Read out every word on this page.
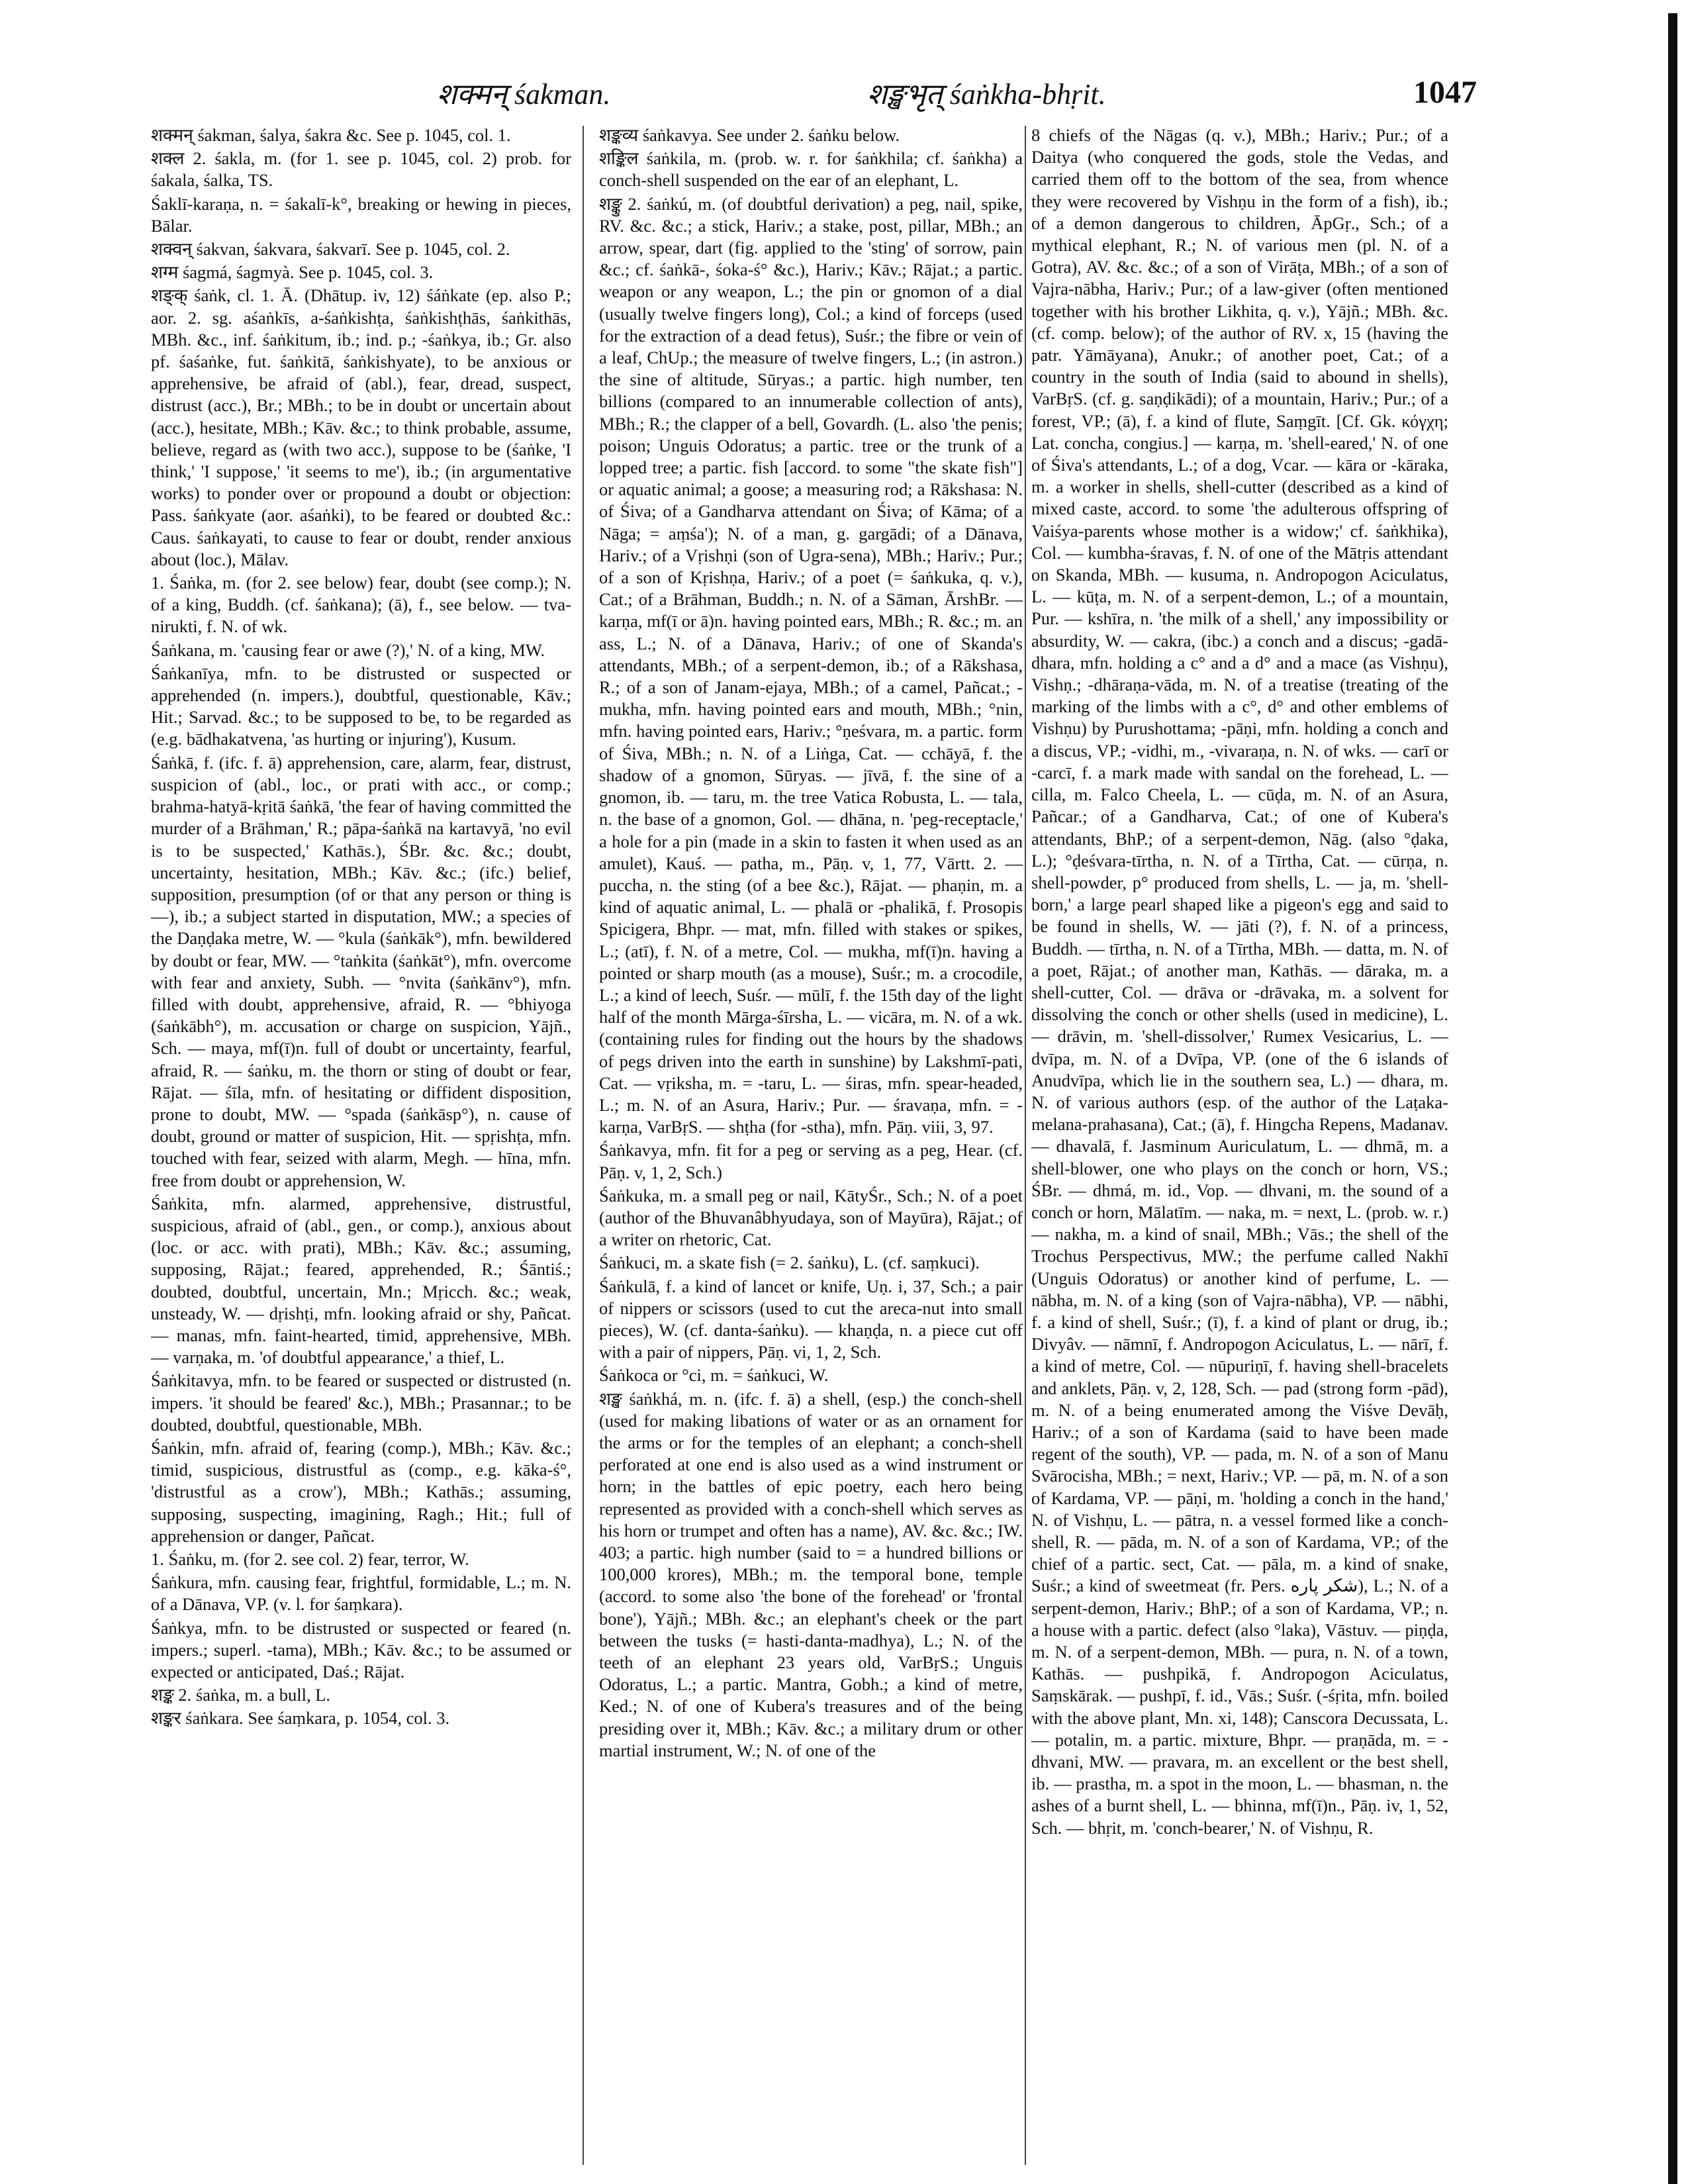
शक्मन् śakman.	शङ्खभृत् śaṅkha-bhṛit.	1047

शक्मन् śakman, śalya, śakra &c. See p. 1045, col. 1.

शक्ल 2. śakla, m. (for 1. see p. 1045, col. 2) prob. for śakala, śalka, TS.

Śaklī-karaṇa, n. = śakalī-k°, breaking or hewing in pieces, Bālar.

शक्वन् śakvan, śakvara, śakvarī. See p. 1045, col. 2.

शग्म śagmá, śagmyà. See p. 1045, col. 3.

शङ्क् śaṅk, cl. 1. Ā. (Dhātup. iv, 12) śáṅkate (ep. also P.; aor. 2. sg. aśaṅkīs, a-śaṅkishṭa, śaṅkishṭhās, śaṅkithās, MBh. &c., inf. śaṅkitum, ib.; ind. p.; -śaṅkya, ib.; Gr. also pf. śaśaṅke, fut. śaṅkitā, śaṅkishyate), to be anxious or apprehensive, be afraid of (abl.), fear, dread, suspect, distrust (acc.), Br.; MBh.; to be in doubt or uncertain about (acc.), hesitate, MBh.; Kāv. &c.; to think probable, assume, believe, regard as (with two acc.), suppose to be (śaṅke, 'I think,' 'I suppose,' 'it seems to me'), ib.; (in argumentative works) to ponder over or propound a doubt or objection: Pass. śaṅkyate (aor. aśaṅki), to be feared or doubted &c.: Caus. śaṅkayati, to cause to fear or doubt, render anxious about (loc.), Mālav.

1. Śaṅka, m. (for 2. see below) fear, doubt (see comp.); N. of a king, Buddh. (cf. śaṅkana); (ā), f., see below. — tva-nirukti, f. N. of wk.

Śaṅkana, m. 'causing fear or awe (?),' N. of a king, MW.

Śaṅkanīya, mfn. to be distrusted or suspected or apprehended (n. impers.), doubtful, questionable, Kāv.; Hit.; Sarvad. &c.; to be supposed to be, to be regarded as (e.g. bādhakatvena, 'as hurting or injuring'), Kusum.

Śaṅkā, f. (ifc. f. ā) apprehension, care, alarm, fear, distrust, suspicion of (abl., loc., or prati with acc., or comp.; brahma-hatyā-kṛitā śaṅkā, 'the fear of having committed the murder of a Brāhman,' R.; pāpa-śaṅkā na kartavyā, 'no evil is to be suspected,' Kathās.), ŚBr. &c. &c.; doubt, uncertainty, hesitation, MBh.; Kāv. &c.; (ifc.) belief, supposition, presumption (of or that any person or thing is—), ib.; a subject started in disputation, MW.; a species of the Daṇḍaka metre, W. — °kula (śaṅkāk°), mfn. bewildered by doubt or fear, MW. — °taṅkita (śaṅkāt°), mfn. overcome with fear and anxiety, Subh. — °nvita (śaṅkānv°), mfn. filled with doubt, apprehensive, afraid, R. — °bhiyoga (śaṅkābh°), m. accusation or charge on suspicion, Yājñ., Sch. — maya, mf(ī)n. full of doubt or uncertainty, fearful, afraid, R. — śaṅku, m. the thorn or sting of doubt or fear, Rājat. — śīla, mfn. of hesitating or diffident disposition, prone to doubt, MW. — °spada (śaṅkāsp°), n. cause of doubt, ground or matter of suspicion, Hit. — spṛishṭa, mfn. touched with fear, seized with alarm, Megh. — hīna, mfn. free from doubt or apprehension, W.

Śaṅkita, mfn. alarmed, apprehensive, distrustful, suspicious, afraid of (abl., gen., or comp.), anxious about (loc. or acc. with prati), MBh.; Kāv. &c.; assuming, supposing, Rājat.; feared, apprehended, R.; Śāntiś.; doubted, doubtful, uncertain, Mn.; Mṛicch. &c.; weak, unsteady, W. — dṛishṭi, mfn. looking afraid or shy, Pañcat. — manas, mfn. faint-hearted, timid, apprehensive, MBh. — varṇaka, m. 'of doubtful appearance,' a thief, L.

Śaṅkitavya, mfn. to be feared or suspected or distrusted (n. impers. 'it should be feared' &c.), MBh.; Prasannar.; to be doubted, doubtful, questionable, MBh.

Śaṅkin, mfn. afraid of, fearing (comp.), MBh.; Kāv. &c.; timid, suspicious, distrustful as (comp., e.g. kāka-ś°, 'distrustful as a crow'), MBh.; Kathās.; assuming, supposing, suspecting, imagining, Ragh.; Hit.; full of apprehension or danger, Pañcat.

1. Śaṅku, m. (for 2. see col. 2) fear, terror, W.

Śaṅkura, mfn. causing fear, frightful, formidable, L.; m. N. of a Dānava, VP. (v. l. for śaṃkara).

Śaṅkya, mfn. to be distrusted or suspected or feared (n. impers.; superl. -tama), MBh.; Kāv. &c.; to be assumed or expected or anticipated, Daś.; Rājat.

शङ्क 2. śaṅka, m. a bull, L.

शङ्कर śaṅkara. See śaṃkara, p. 1054, col. 3.

शङ्कव्य śaṅkavya. See under 2. śaṅku below.

शङ्किल śaṅkila, m. (prob. w. r. for śaṅkhila; cf. śaṅkha) a conch-shell suspended on the ear of an elephant, L.

शङ्कु 2. śaṅkú, m. (of doubtful derivation) a peg, nail, spike, RV. &c. &c.; a stick, Hariv.; a stake, post, pillar, MBh.; an arrow, spear, dart (fig. applied to the 'sting' of sorrow, pain &c.; cf. śaṅkā-, śoka-ś° &c.), Hariv.; Kāv.; Rājat.; a partic. weapon or any weapon, L.; the pin or gnomon of a dial (usually twelve fingers long), Col.; a kind of forceps (used for the extraction of a dead fetus), Suśr.; the fibre or vein of a leaf, ChUp.; the measure of twelve fingers, L.; (in astron.) the sine of altitude, Sūryas.; a partic. high number, ten billions (compared to an innumerable collection of ants), MBh.; R.; the clapper of a bell, Govardh. (L. also 'the penis; poison; Unguis Odoratus; a partic. tree or the trunk of a lopped tree; a partic. fish [accord. to some "the skate fish"] or aquatic animal; a goose; a measuring rod; a Rākshasa: N. of Śiva; of a Gandharva attendant on Śiva; of Kāma; of a Nāga; = aṃśa'); N. of a man, g. gargādi; of a Dānava, Hariv.; of a Vṛishṇi (son of Ugra-sena), MBh.; Hariv.; Pur.; of a son of Kṛishṇa, Hariv.; of a poet (= śaṅkuka, q. v.), Cat.; of a Brāhman, Buddh.; n. N. of a Sāman, ĀrshBr. — karṇa, mf(ī or ā)n. having pointed ears, MBh.; R. &c.; m. an ass, L.; N. of a Dānava, Hariv.; of one of Skanda's attendants, MBh.; of a serpent-demon, ib.; of a Rākshasa, R.; of a son of Janam-ejaya, MBh.; of a camel, Pañcat.; -mukha, mfn. having pointed ears and mouth, MBh.; °nin, mfn. having pointed ears, Hariv.; °ṇeśvara, m. a partic. form of Śiva, MBh.; n. N. of a Liṅga, Cat. — cchāyā, f. the shadow of a gnomon, Sūryas. — jīvā, f. the sine of a gnomon, ib. — taru, m. the tree Vatica Robusta, L. — tala, n. the base of a gnomon, Gol. — dhāna, n. 'peg-receptacle,' a hole for a pin (made in a skin to fasten it when used as an amulet), Kauś. — patha, m., Pāṇ. v, 1, 77, Vārtt. 2. — puccha, n. the sting (of a bee &c.), Rājat. — phaṇin, m. a kind of aquatic animal, L. — phalā or -phalikā, f. Prosopis Spicigera, Bhpr. — mat, mfn. filled with stakes or spikes, L.; (atī), f. N. of a metre, Col. — mukha, mf(ī)n. having a pointed or sharp mouth (as a mouse), Suśr.; m. a crocodile, L.; a kind of leech, Suśr. — mūlī, f. the 15th day of the light half of the month Mārga-śīrsha, L. — vicāra, m. N. of a wk. (containing rules for finding out the hours by the shadows of pegs driven into the earth in sunshine) by Lakshmī-pati, Cat. — vṛiksha, m. = -taru, L. — śiras, mfn. spear-headed, L.; m. N. of an Asura, Hariv.; Pur. — śravaṇa, mfn. = -karṇa, VarBṛS. — shṭha (for -stha), mfn. Pāṇ. viii, 3, 97.

Śaṅkavya, mfn. fit for a peg or serving as a peg, Hear. (cf. Pāṇ. v, 1, 2, Sch.)

Śaṅkuka, m. a small peg or nail, KātyŚr., Sch.; N. of a poet (author of the Bhuvanâbhyudaya, son of Mayūra), Rājat.; of a writer on rhetoric, Cat.

Śaṅkuci, m. a skate fish (= 2. śaṅku), L. (cf. saṃkuci).

Śaṅkulā, f. a kind of lancet or knife, Uṇ. i, 37, Sch.; a pair of nippers or scissors (used to cut the areca-nut into small pieces), W. (cf. danta-śaṅku). — khaṇḍa, n. a piece cut off with a pair of nippers, Pāṇ. vi, 1, 2, Sch.

Śaṅkoca or °ci, m. = śaṅkuci, W.

शङ्ख śaṅkhá, m. n. (ifc. f. ā) a shell, (esp.) the conch-shell (used for making libations of water or as an ornament for the arms or for the temples of an elephant; a conch-shell perforated at one end is also used as a wind instrument or horn; in the battles of epic poetry, each hero being represented as provided with a conch-shell which serves as his horn or trumpet and often has a name), AV. &c. &c.; IW. 403; a partic. high number (said to = a hundred billions or 100,000 krores), MBh.; m. the temporal bone, temple (accord. to some also 'the bone of the forehead' or 'frontal bone'), Yājñ.; MBh. &c.; an elephant's cheek or the part between the tusks (= hasti-danta-madhya), L.; N. of the teeth of an elephant 23 years old, VarBṛS.; Unguis Odoratus, L.; a partic. Mantra, Gobh.; a kind of metre, Ked.; N. of one of Kubera's treasures and of the being presiding over it, MBh.; Kāv. &c.; a military drum or other martial instrument, W.; N. of one of the

8 chiefs of the Nāgas (q. v.), MBh.; Hariv.; Pur.; of a Daitya (who conquered the gods, stole the Vedas, and carried them off to the bottom of the sea, from whence they were recovered by Vishṇu in the form of a fish), ib.; of a demon dangerous to children, ĀpGṛ., Sch.; of a mythical elephant, R.; N. of various men (pl. N. of a Gotra), AV. &c. &c.; of a son of Virāṭa, MBh.; of a son of Vajra-nābha, Hariv.; Pur.; of a law-giver (often mentioned together with his brother Likhita, q. v.), Yājñ.; MBh. &c. (cf. comp. below); of the author of RV. x, 15 (having the patr. Yāmāyana), Anukr.; of another poet, Cat.; of a country in the south of India (said to abound in shells), VarBṛS. (cf. g. saṇḍikādi); of a mountain, Hariv.; Pur.; of a forest, VP.; (ā), f. a kind of flute, Saṃgīt. [Cf. Gk. κόγχη; Lat. concha, congius.] — karṇa, m. 'shell-eared,' N. of one of Śiva's attendants, L.; of a dog, Vcar. — kāra or -kāraka, m. a worker in shells, shell-cutter (described as a kind of mixed caste, accord. to some 'the adulterous offspring of Vaiśya-parents whose mother is a widow;' cf. śaṅkhika), Col. — kumbha-śravas, f. N. of one of the Mātṛis attendant on Skanda, MBh. — kusuma, n. Andropogon Aciculatus, L. — kūṭa, m. N. of a serpent-demon, L.; of a mountain, Pur. — kshīra, n. 'the milk of a shell,' any impossibility or absurdity, W. — cakra, (ibc.) a conch and a discus; -gadā-dhara, mfn. holding a c° and a d° and a mace (as Vishṇu), Vishṇ.; -dhāraṇa-vāda, m. N. of a treatise (treating of the marking of the limbs with a c°, d° and other emblems of Vishṇu) by Purushottama; -pāṇi, mfn. holding a conch and a discus, VP.; -vidhi, m., -vivaraṇa, n. N. of wks. — carī or -carcī, f. a mark made with sandal on the forehead, L. — cilla, m. Falco Cheela, L. — cūḍa, m. N. of an Asura, Pañcar.; of a Gandharva, Cat.; of one of Kubera's attendants, BhP.; of a serpent-demon, Nāg. (also °ḍaka, L.); °ḍeśvara-tīrtha, n. N. of a Tīrtha, Cat. — cūrṇa, n. shell-powder, p° produced from shells, L. — ja, m. 'shell-born,' a large pearl shaped like a pigeon's egg and said to be found in shells, W. — jāti (?), f. N. of a princess, Buddh. — tīrtha, n. N. of a Tīrtha, MBh. — datta, m. N. of a poet, Rājat.; of another man, Kathās. — dāraka, m. a shell-cutter, Col. — drāva or -drāvaka, m. a solvent for dissolving the conch or other shells (used in medicine), L. — drāvin, m. 'shell-dissolver,' Rumex Vesicarius, L. — dvīpa, m. N. of a Dvīpa, VP. (one of the 6 islands of Anudvīpa, which lie in the southern sea, L.) — dhara, m. N. of various authors (esp. of the author of the Laṭaka-melana-prahasana), Cat.; (ā), f. Hingcha Repens, Madanav. — dhavalā, f. Jasminum Auriculatum, L. — dhmā, m. a shell-blower, one who plays on the conch or horn, VS.; ŚBr. — dhmá, m. id., Vop. — dhvani, m. the sound of a conch or horn, Mālatīm. — naka, m. = next, L. (prob. w. r.) — nakha, m. a kind of snail, MBh.; Vās.; the shell of the Trochus Perspectivus, MW.; the perfume called Nakhī (Unguis Odoratus) or another kind of perfume, L. — nābha, m. N. of a king (son of Vajra-nābha), VP. — nābhi, f. a kind of shell, Suśr.; (ī), f. a kind of plant or drug, ib.; Divyâv. — nāmnī, f. Andropogon Aciculatus, L. — nārī, f. a kind of metre, Col. — nūpuriṇī, f. having shell-bracelets and anklets, Pāṇ. v, 2, 128, Sch. — pad (strong form -pād), m. N. of a being enumerated among the Viśve Devāḥ, Hariv.; of a son of Kardama (said to have been made regent of the south), VP. — pada, m. N. of a son of Manu Svārocisha, MBh.; = next, Hariv.; VP. — pā, m. N. of a son of Kardama, VP. — pāṇi, m. 'holding a conch in the hand,' N. of Vishṇu, L. — pātra, n. a vessel formed like a conch-shell, R. — pāda, m. N. of a son of Kardama, VP.; of the chief of a partic. sect, Cat. — pāla, m. a kind of snake, Suśr.; a kind of sweetmeat (fr. Pers. شکر پاره), L.; N. of a serpent-demon, Hariv.; BhP.; of a son of Kardama, VP.; n. a house with a partic. defect (also °laka), Vāstuv. — piṇḍa, m. N. of a serpent-demon, MBh. — pura, n. N. of a town, Kathās. — pushpikā, f. Andropogon Aciculatus, Saṃskārak. — pushpī, f. id., Vās.; Suśr. (-śṛita, mfn. boiled with the above plant, Mn. xi, 148); Canscora Decussata, L. — potalin, m. a partic. mixture, Bhpr. — praṇāda, m. = -dhvani, MW. — pravara, m. an excellent or the best shell, ib. — prastha, m. a spot in the moon, L. — bhasman, n. the ashes of a burnt shell, L. — bhinna, mf(ī)n., Pāṇ. iv, 1, 52, Sch. — bhṛit, m. 'conch-bearer,' N. of Vishṇu, R.
